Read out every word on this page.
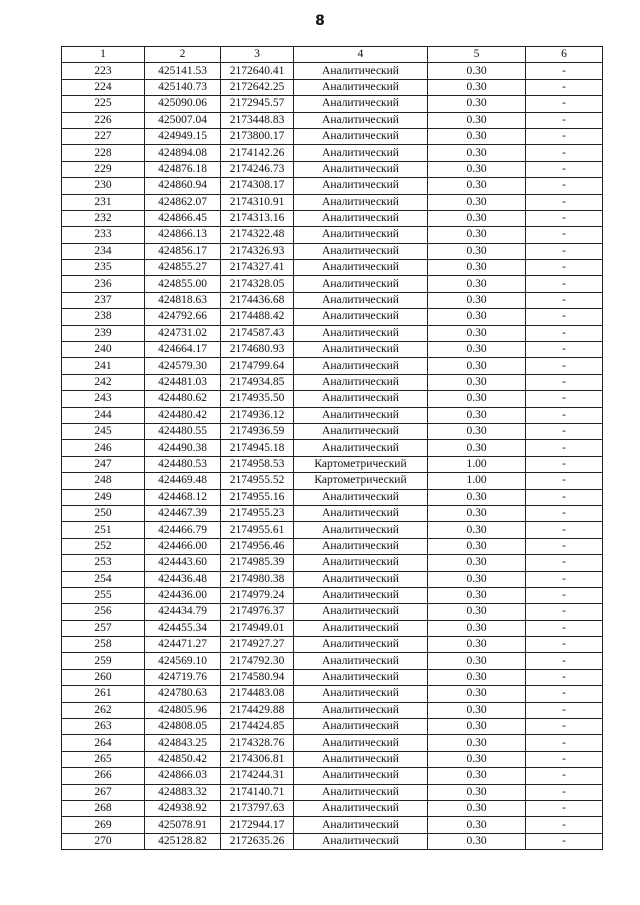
8
1	2	3	4	5	6
223	425141.53	2172640.41	Аналитический	0.30	-
224	425140.73	2172642.25	Аналитический	0.30	-
225	425090.06	2172945.57	Аналитический	0.30	-
226	425007.04	2173448.83	Аналитический	0.30	-
227	424949.15	2173800.17	Аналитический	0.30	-
228	424894.08	2174142.26	Аналитический	0.30	-
229	424876.18	2174246.73	Аналитический	0.30	-
230	424860.94	2174308.17	Аналитический	0.30	-
231	424862.07	2174310.91	Аналитический	0.30	-
232	424866.45	2174313.16	Аналитический	0.30	-
233	424866.13	2174322.48	Аналитический	0.30	-
234	424856.17	2174326.93	Аналитический	0.30	-
235	424855.27	2174327.41	Аналитический	0.30	-
236	424855.00	2174328.05	Аналитический	0.30	-
237	424818.63	2174436.68	Аналитический	0.30	-
238	424792.66	2174488.42	Аналитический	0.30	-
239	424731.02	2174587.43	Аналитический	0.30	-
240	424664.17	2174680.93	Аналитический	0.30	-
241	424579.30	2174799.64	Аналитический	0.30	-
242	424481.03	2174934.85	Аналитический	0.30	-
243	424480.62	2174935.50	Аналитический	0.30	-
244	424480.42	2174936.12	Аналитический	0.30	-
245	424480.55	2174936.59	Аналитический	0.30	-
246	424490.38	2174945.18	Аналитический	0.30	-
247	424480.53	2174958.53	Картометрический	1.00	-
248	424469.48	2174955.52	Картометрический	1.00	-
249	424468.12	2174955.16	Аналитический	0.30	-
250	424467.39	2174955.23	Аналитический	0.30	-
251	424466.79	2174955.61	Аналитический	0.30	-
252	424466.00	2174956.46	Аналитический	0.30	-
253	424443.60	2174985.39	Аналитический	0.30	-
254	424436.48	2174980.38	Аналитический	0.30	-
255	424436.00	2174979.24	Аналитический	0.30	-
256	424434.79	2174976.37	Аналитический	0.30	-
257	424455.34	2174949.01	Аналитический	0.30	-
258	424471.27	2174927.27	Аналитический	0.30	-
259	424569.10	2174792.30	Аналитический	0.30	-
260	424719.76	2174580.94	Аналитический	0.30	-
261	424780.63	2174483.08	Аналитический	0.30	-
262	424805.96	2174429.88	Аналитический	0.30	-
263	424808.05	2174424.85	Аналитический	0.30	-
264	424843.25	2174328.76	Аналитический	0.30	-
265	424850.42	2174306.81	Аналитический	0.30	-
266	424866.03	2174244.31	Аналитический	0.30	-
267	424883.32	2174140.71	Аналитический	0.30	-
268	424938.92	2173797.63	Аналитический	0.30	-
269	425078.91	2172944.17	Аналитический	0.30	-
270	425128.82	2172635.26	Аналитический	0.30	-
